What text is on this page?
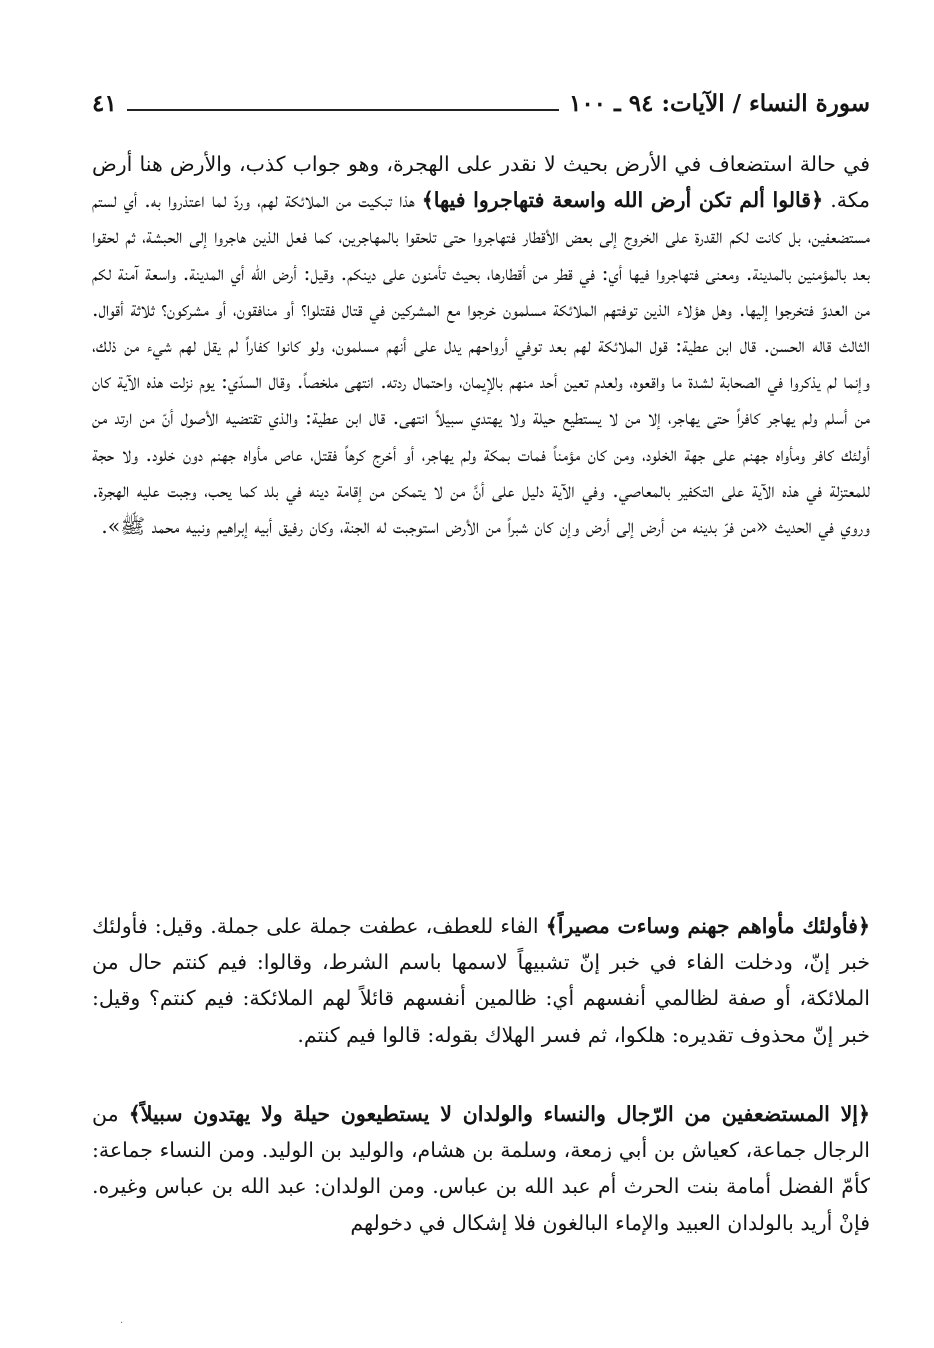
سورة النساء / الآيات: ٩٤ ـ ١٠٠
٤١

في حالة استضعاف في الأرض بحيث لا نقدر على الهجرة، وهو جواب كذب، والأرض هنا أرض مكة. ﴿قالوا ألم تكن أرض الله واسعة فتهاجروا فيها﴾ هذا تبكيت من الملائكة لهم، وردّ لما اعتذروا به. أي لستم مستضعفين، بل كانت لكم القدرة على الخروج إلى بعض الأقطار فتهاجروا حتى تلحقوا بالمهاجرين، كما فعل الذين هاجروا إلى الحبشة، ثم لحقوا بعد بالمؤمنين بالمدينة. ومعنى فتهاجروا فيها أي: في قطر من أقطارها، بحيث تأمنون على دينكم. وقيل: أرض الله أي المدينة. واسعة آمنة لكم من العدوّ فتخرجوا إليها. وهل هؤلاء الذين توفتهم الملائكة مسلمون خرجوا مع المشركين في قتال فقتلوا؟ أو منافقون، أو مشركون؟ ثلاثة أقوال. الثالث قاله الحسن. قال ابن عطية: قول الملائكة لهم بعد توفي أرواحهم يدل على أنهم مسلمون، ولو كانوا كفاراً لم يقل لهم شيء من ذلك، وإنما لم يذكروا في الصحابة لشدة ما واقعوه، ولعدم تعين أحد منهم بالإيمان، واحتمال ردته. انتهى ملخصاً. وقال السدّي: يوم نزلت هذه الآية كان من أسلم ولم يهاجر كافراً حتى يهاجر، إلا من لا يستطيع حيلة ولا يهتدي سبيلاً انتهى. قال ابن عطية: والذي تقتضيه الأصول أنّ من ارتد من أولئك كافر ومأواه جهنم على جهة الخلود، ومن كان مؤمناً فمات بمكة ولم يهاجر، أو أخرج كرهاً فقتل، عاص مأواه جهنم دون خلود. ولا حجة للمعتزلة في هذه الآية على التكفير بالمعاصي. وفي الآية دليل على أنَّ من لا يتمكن من إقامة دينه في بلد كما يحب، وجبت عليه الهجرة. وروي في الحديث «من فرّ بدينه من أرض إلى أرض وإن كان شبراً من الأرض استوجبت له الجنة، وكان رفيق أبيه إبراهيم ونبيه محمد ﷺ».

﴿فأولئك مأواهم جهنم وساءت مصيراً﴾ الفاء للعطف، عطفت جملة على جملة. وقيل: فأولئك خبر إنّ، ودخلت الفاء في خبر إنّ تشبيهاً لاسمها باسم الشرط، وقالوا: فيم كنتم حال من الملائكة، أو صفة لظالمي أنفسهم أي: ظالمين أنفسهم قائلاً لهم الملائكة: فيم كنتم؟ وقيل: خبر إنّ محذوف تقديره: هلكوا، ثم فسر الهلاك بقوله: قالوا فيم كنتم.

﴿إلا المستضعفين من الرّجال والنساء والولدان لا يستطيعون حيلة ولا يهتدون سبيلاً﴾ من الرجال جماعة، كعياش بن أبي زمعة، وسلمة بن هشام، والوليد بن الوليد. ومن النساء جماعة: كأمّ الفضل أمامة بنت الحرث أم عبد الله بن عباس. ومن الولدان: عبد الله بن عباس وغيره. فإنْ أريد بالولدان العبيد والإماء البالغون فلا إشكال في دخولهم

·
